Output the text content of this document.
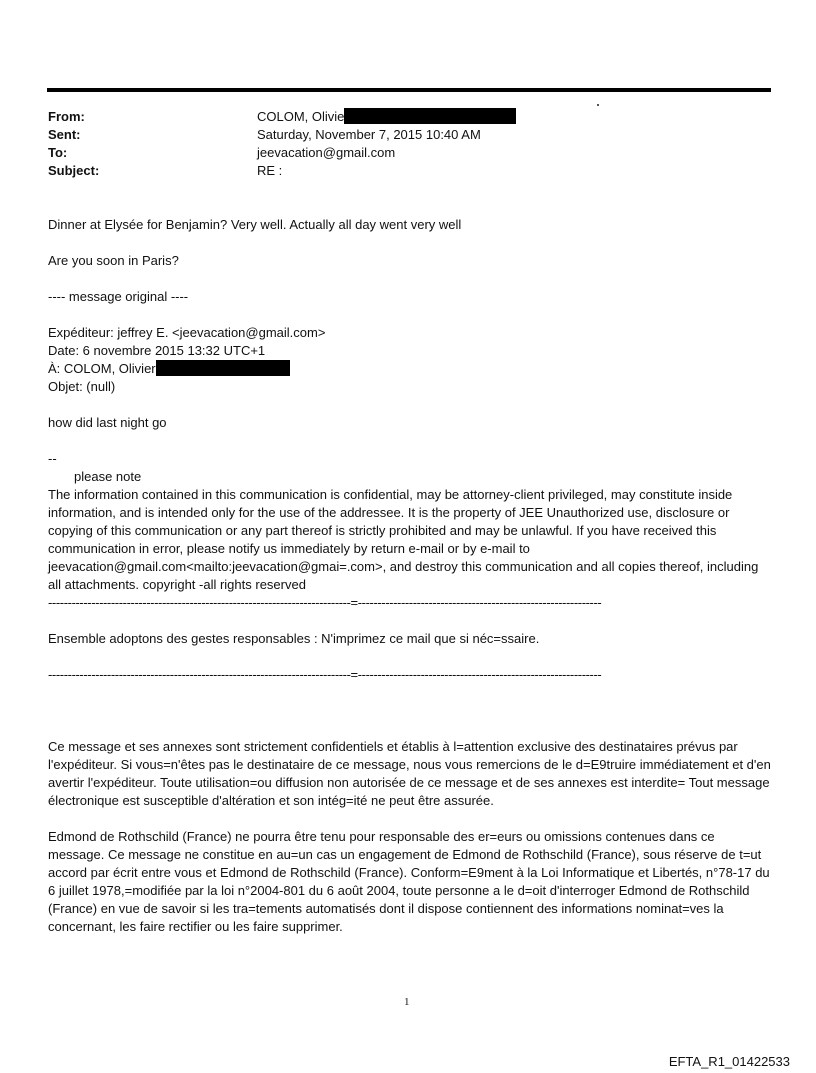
From:	COLOM, Olivie
Sent:	Saturday, November 7, 2015 10:40 AM
To:	jeevacation@gmail.com
Subject:	RE :

Dinner at Elysée for Benjamin? Very well. Actually all day went very well

Are you soon in Paris?

---- message original ----

Expéditeur: jeffrey E. <jeevacation@gmail.com>

Date: 6 novembre 2015 13:32 UTC+1

À: COLOM, Olivier

Objet: (null)

how did last night go

--

please note

The information contained in this communication is confidential, may be attorney-client privileged, may constitute inside information, and is intended only for the use of the addressee. It is the property of JEE Unauthorized use, disclosure or copying of this communication or any part thereof is strictly prohibited and may be unlawful. If you have received this communication in error, please notify us immediately by return e-mail or by e-mail to jeevacation@gmail.com<mailto:jeevacation@gmai=.com>, and destroy this communication and all copies thereof, including all attachments. copyright -all rights reserved

-----------------------------------------------------------------------------=--------------------------------------------------------------

Ensemble adoptons des gestes responsables : N'imprimez ce mail que si néc=ssaire.

-----------------------------------------------------------------------------=--------------------------------------------------------------

Ce message et ses annexes sont strictement confidentiels et établis à l=attention exclusive des destinataires prévus par l'expéditeur. Si vous=n'êtes pas le destinataire de ce message, nous vous remercions de le d=E9truire immédiatement et d'en avertir l'expéditeur. Toute utilisation=ou diffusion non autorisée de ce message et de ses annexes est interdite= Tout message électronique est susceptible d'altération et son intég=ité ne peut être assurée.

Edmond de Rothschild (France) ne pourra être tenu pour responsable des er=eurs ou omissions contenues dans ce message. Ce message ne constitue en au=un cas un engagement de Edmond de Rothschild (France), sous réserve de t=ut accord par écrit entre vous et Edmond de Rothschild (France). Conform=E9ment à la Loi Informatique et Libertés, n°78-17 du 6 juillet 1978,=modifiée par la loi n°2004-801 du 6 août 2004, toute personne a le d=oit d'interroger Edmond de Rothschild (France) en vue de savoir si les tra=tements automatisés dont il dispose contiennent des informations nominat=ves la concernant, les faire rectifier ou les faire supprimer.

1
EFTA_R1_01422533
